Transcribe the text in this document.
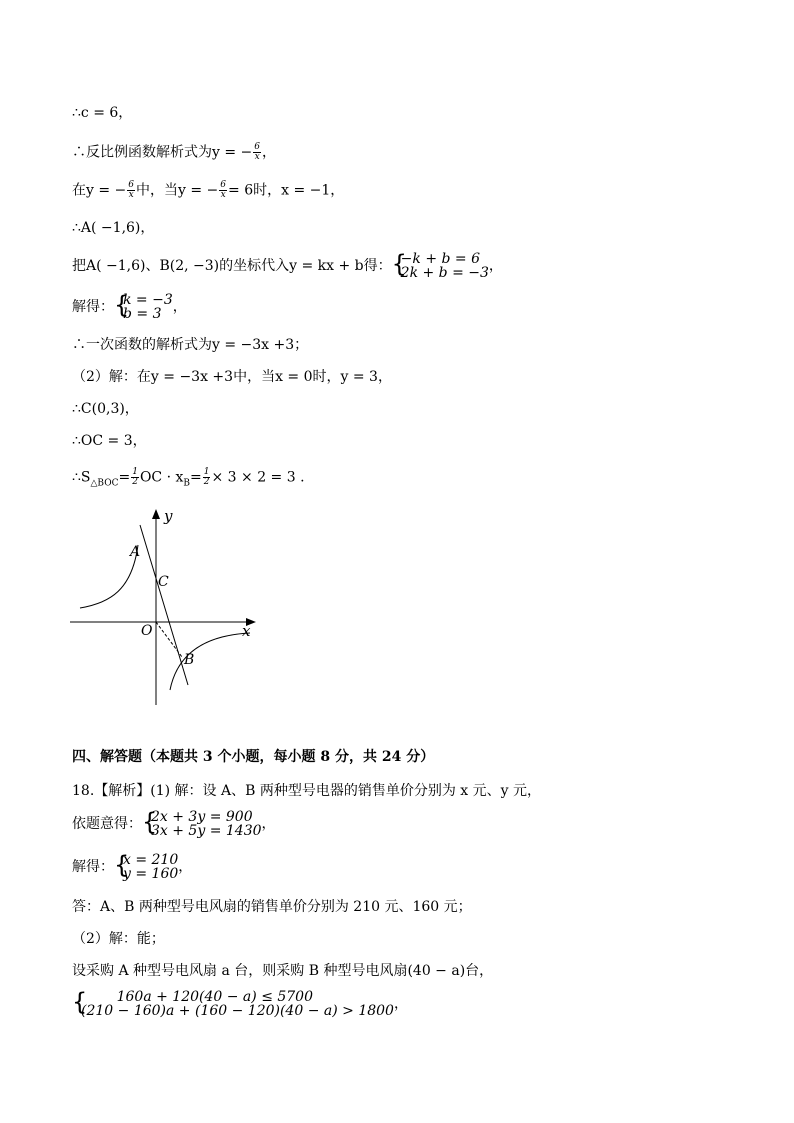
∴c = 6，
∴反比例函数解析式为y = − $\frac{6}{x}$ ，
在y = − $\frac{6}{x}$ 中，当y = − $\frac{6}{x} = 6$时，x = −1，
∴A( −1,6)，
把A( −1,6)、B(2, −3)的坐标代入y = kx + b得： { −k + b = 6
2k + b = −3 ，
解得： { k = −3
b = 3 ，
∴一次函数的解析式为y = −3x +3；
（2）解：在y = −3x +3中，当x = 0时，y = 3，
∴C(0,3)，
∴OC = 3，
$\therefore S_{\triangle BOC}= \frac{1}{2}$ OC · $x_B= \frac{1}{2} \times 3 \times 2 = 3$ .
y
x
O
A
C
B
四、解答题（本题共 3 个小题，每小题 8 分，共 24 分）
18.【解析】(1) 解：设 A、B 两种型号电器的销售单价分别为 x 元、y 元，
依题意得： { 2x + 3y = 900
3x + 5y = 1430 ，
解得： { x = 210
y = 160 ，
答：A、B 两种型号电风扇的销售单价分别为 210 元、160 元；
（2）解：能；
设采购 A 种型号电风扇 a 台，则采购 B 种型号电风扇(40 − a)台，
{         160a + 120(40 − a) ≤ 5700
(210 − 160)a + (160 − 120)(40 − a) > 1800 ，
